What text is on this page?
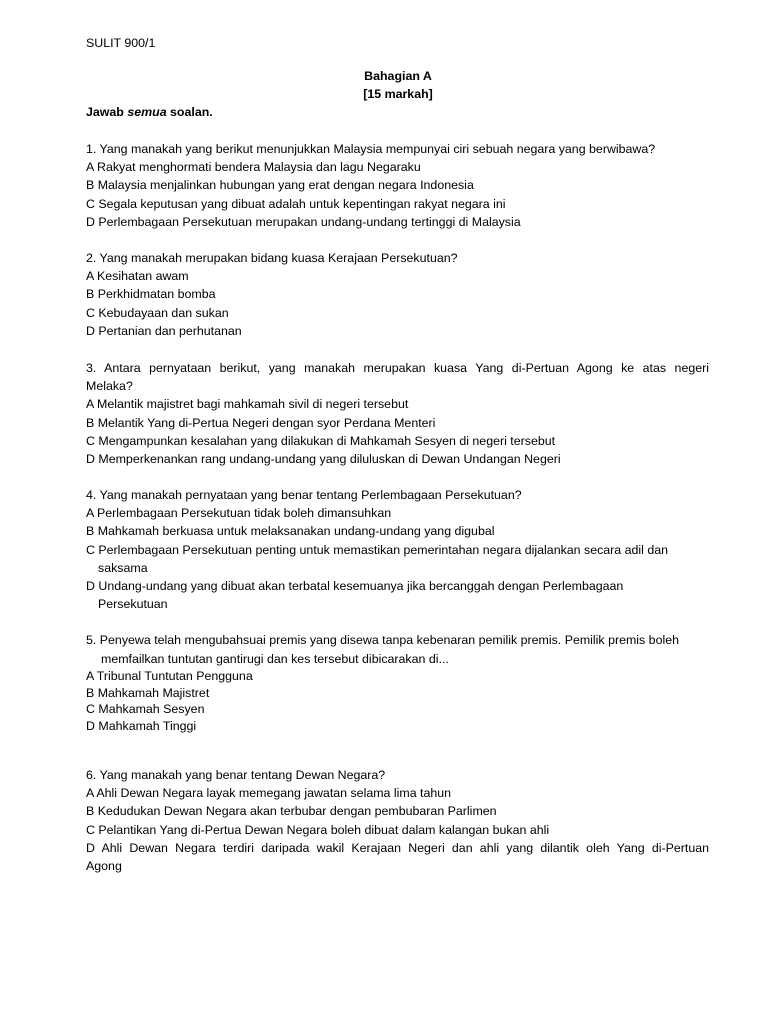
SULIT 900/1
Bahagian A
[15 markah]
Jawab semua soalan.
1. Yang manakah yang berikut menunjukkan Malaysia mempunyai ciri sebuah negara yang berwibawa?
A Rakyat menghormati bendera Malaysia dan lagu Negaraku
B Malaysia menjalinkan hubungan yang erat dengan negara Indonesia
C Segala keputusan yang dibuat adalah untuk kepentingan rakyat negara ini
D Perlembagaan Persekutuan merupakan undang-undang tertinggi di Malaysia
2. Yang manakah merupakan bidang kuasa Kerajaan Persekutuan?
A Kesihatan awam
B Perkhidmatan bomba
C Kebudayaan dan sukan
D Pertanian dan perhutanan
3. Antara pernyataan berikut, yang manakah merupakan kuasa Yang di-Pertuan Agong ke atas negeri
Melaka?
A Melantik majistret bagi mahkamah sivil di negeri tersebut
B Melantik Yang di-Pertua Negeri dengan syor Perdana Menteri
C Mengampunkan kesalahan yang dilakukan di Mahkamah Sesyen di negeri tersebut
D Memperkenankan rang undang-undang yang diluluskan di Dewan Undangan Negeri
4. Yang manakah pernyataan yang benar tentang Perlembagaan Persekutuan?
A Perlembagaan Persekutuan tidak boleh dimansuhkan
B Mahkamah berkuasa untuk melaksanakan undang-undang yang digubal
C Perlembagaan Persekutuan penting untuk memastikan pemerintahan negara dijalankan secara adil dan
saksama
D Undang-undang yang dibuat akan terbatal kesemuanya jika bercanggah dengan Perlembagaan
Persekutuan
5. Penyewa telah mengubahsuai premis yang disewa tanpa kebenaran pemilik premis. Pemilik premis boleh
memfailkan tuntutan gantirugi dan kes tersebut dibicarakan di...
A Tribunal Tuntutan Pengguna
B Mahkamah Majistret
C Mahkamah Sesyen
D Mahkamah Tinggi
6. Yang manakah yang benar tentang Dewan Negara?
A Ahli Dewan Negara layak memegang jawatan selama lima tahun
B Kedudukan Dewan Negara akan terbubar dengan pembubaran Parlimen
C Pelantikan Yang di-Pertua Dewan Negara boleh dibuat dalam kalangan bukan ahli
D Ahli Dewan Negara terdiri daripada wakil Kerajaan Negeri dan ahli yang dilantik oleh Yang di-Pertuan
Agong
